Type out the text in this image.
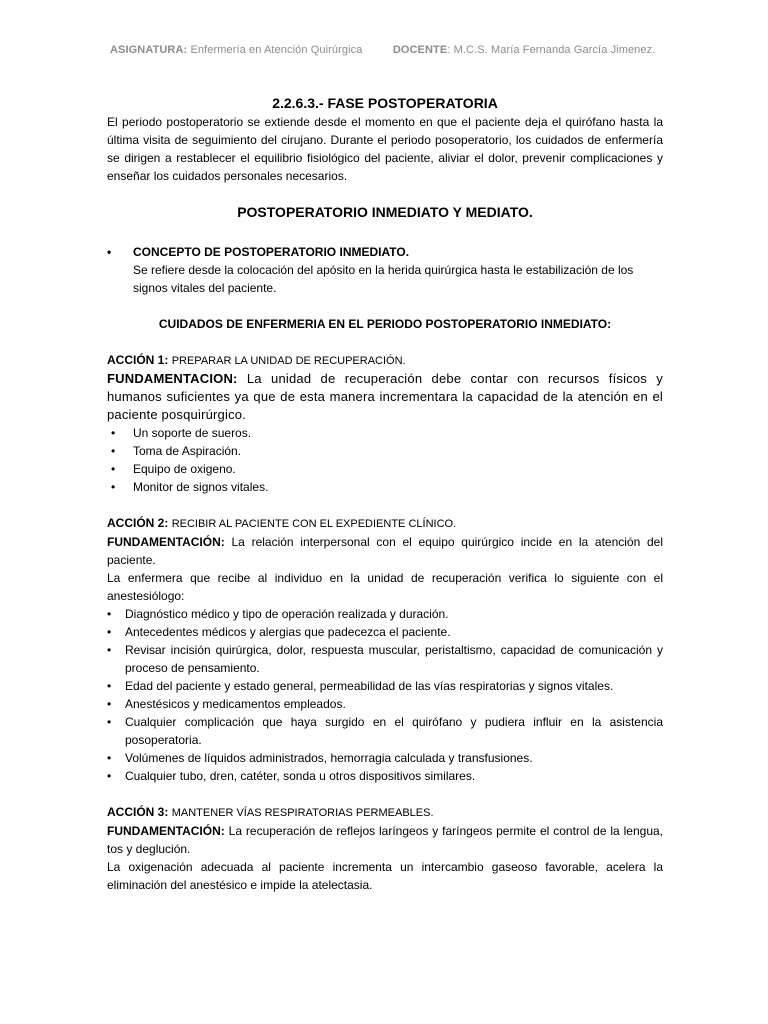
ASIGNATURA: Enfermería en Atención Quirúrgica	DOCENTE: M.C.S. María Fernanda García Jimenez.
2.2.6.3.- FASE POSTOPERATORIA

El periodo postoperatorio se extiende desde el momento en que el paciente deja el quirófano hasta la última visita de seguimiento del cirujano. Durante el periodo posoperatorio, los cuidados de enfermería se dirigen a restablecer el equilibrio fisiológico del paciente, aliviar el dolor, prevenir complicaciones y enseñar los cuidados personales necesarios.

POSTOPERATORIO INMEDIATO Y MEDIATO.
• CONCEPTO DE POSTOPERATORIO INMEDIATO.

Se refiere desde la colocación del apósito en la herida quirúrgica hasta le estabilización de los signos vitales del paciente.

CUIDADOS DE ENFERMERIA EN EL PERIODO POSTOPERATORIO INMEDIATO:
ACCIÓN 1: PREPARAR LA UNIDAD DE RECUPERACIÓN.

FUNDAMENTACION: La unidad de recuperación debe contar con recursos físicos y humanos suficientes ya que de esta manera incrementara la capacidad de la atención en el paciente posquirúrgico.

• Un soporte de sueros.
• Toma de Aspiración.
• Equipo de oxigeno.
• Monitor de signos vitales.
ACCIÓN 2: RECIBIR AL PACIENTE CON EL EXPEDIENTE CLÍNICO.

FUNDAMENTACIÓN: La relación interpersonal con el equipo quirúrgico incide en la atención del paciente.

La enfermera que recibe al individuo en la unidad de recuperación verifica lo siguiente con el anestesiólogo:

• Diagnóstico médico y tipo de operación realizada y duración.
• Antecedentes médicos y alergias que padecezca el paciente.
• Revisar incisión quirúrgica, dolor, respuesta muscular, peristaltismo, capacidad de comunicación y proceso de pensamiento.
• Edad del paciente y estado general, permeabilidad de las vías respiratorias y signos vitales.
• Anestésicos y medicamentos empleados.
• Cualquier complicación que haya surgido en el quirófano y pudiera influir en la asistencia posoperatoria.
• Volúmenes de líquidos administrados, hemorragia calculada y transfusiones.
• Cualquier tubo, dren, catéter, sonda u otros dispositivos similares.
ACCIÓN 3: MANTENER VÍAS RESPIRATORIAS PERMEABLES.

FUNDAMENTACIÓN: La recuperación de reflejos laríngeos y faríngeos permite el control de la lengua, tos y deglución.

La oxigenación adecuada al paciente incrementa un intercambio gaseoso favorable, acelera la eliminación del anestésico e impide la atelectasia.
